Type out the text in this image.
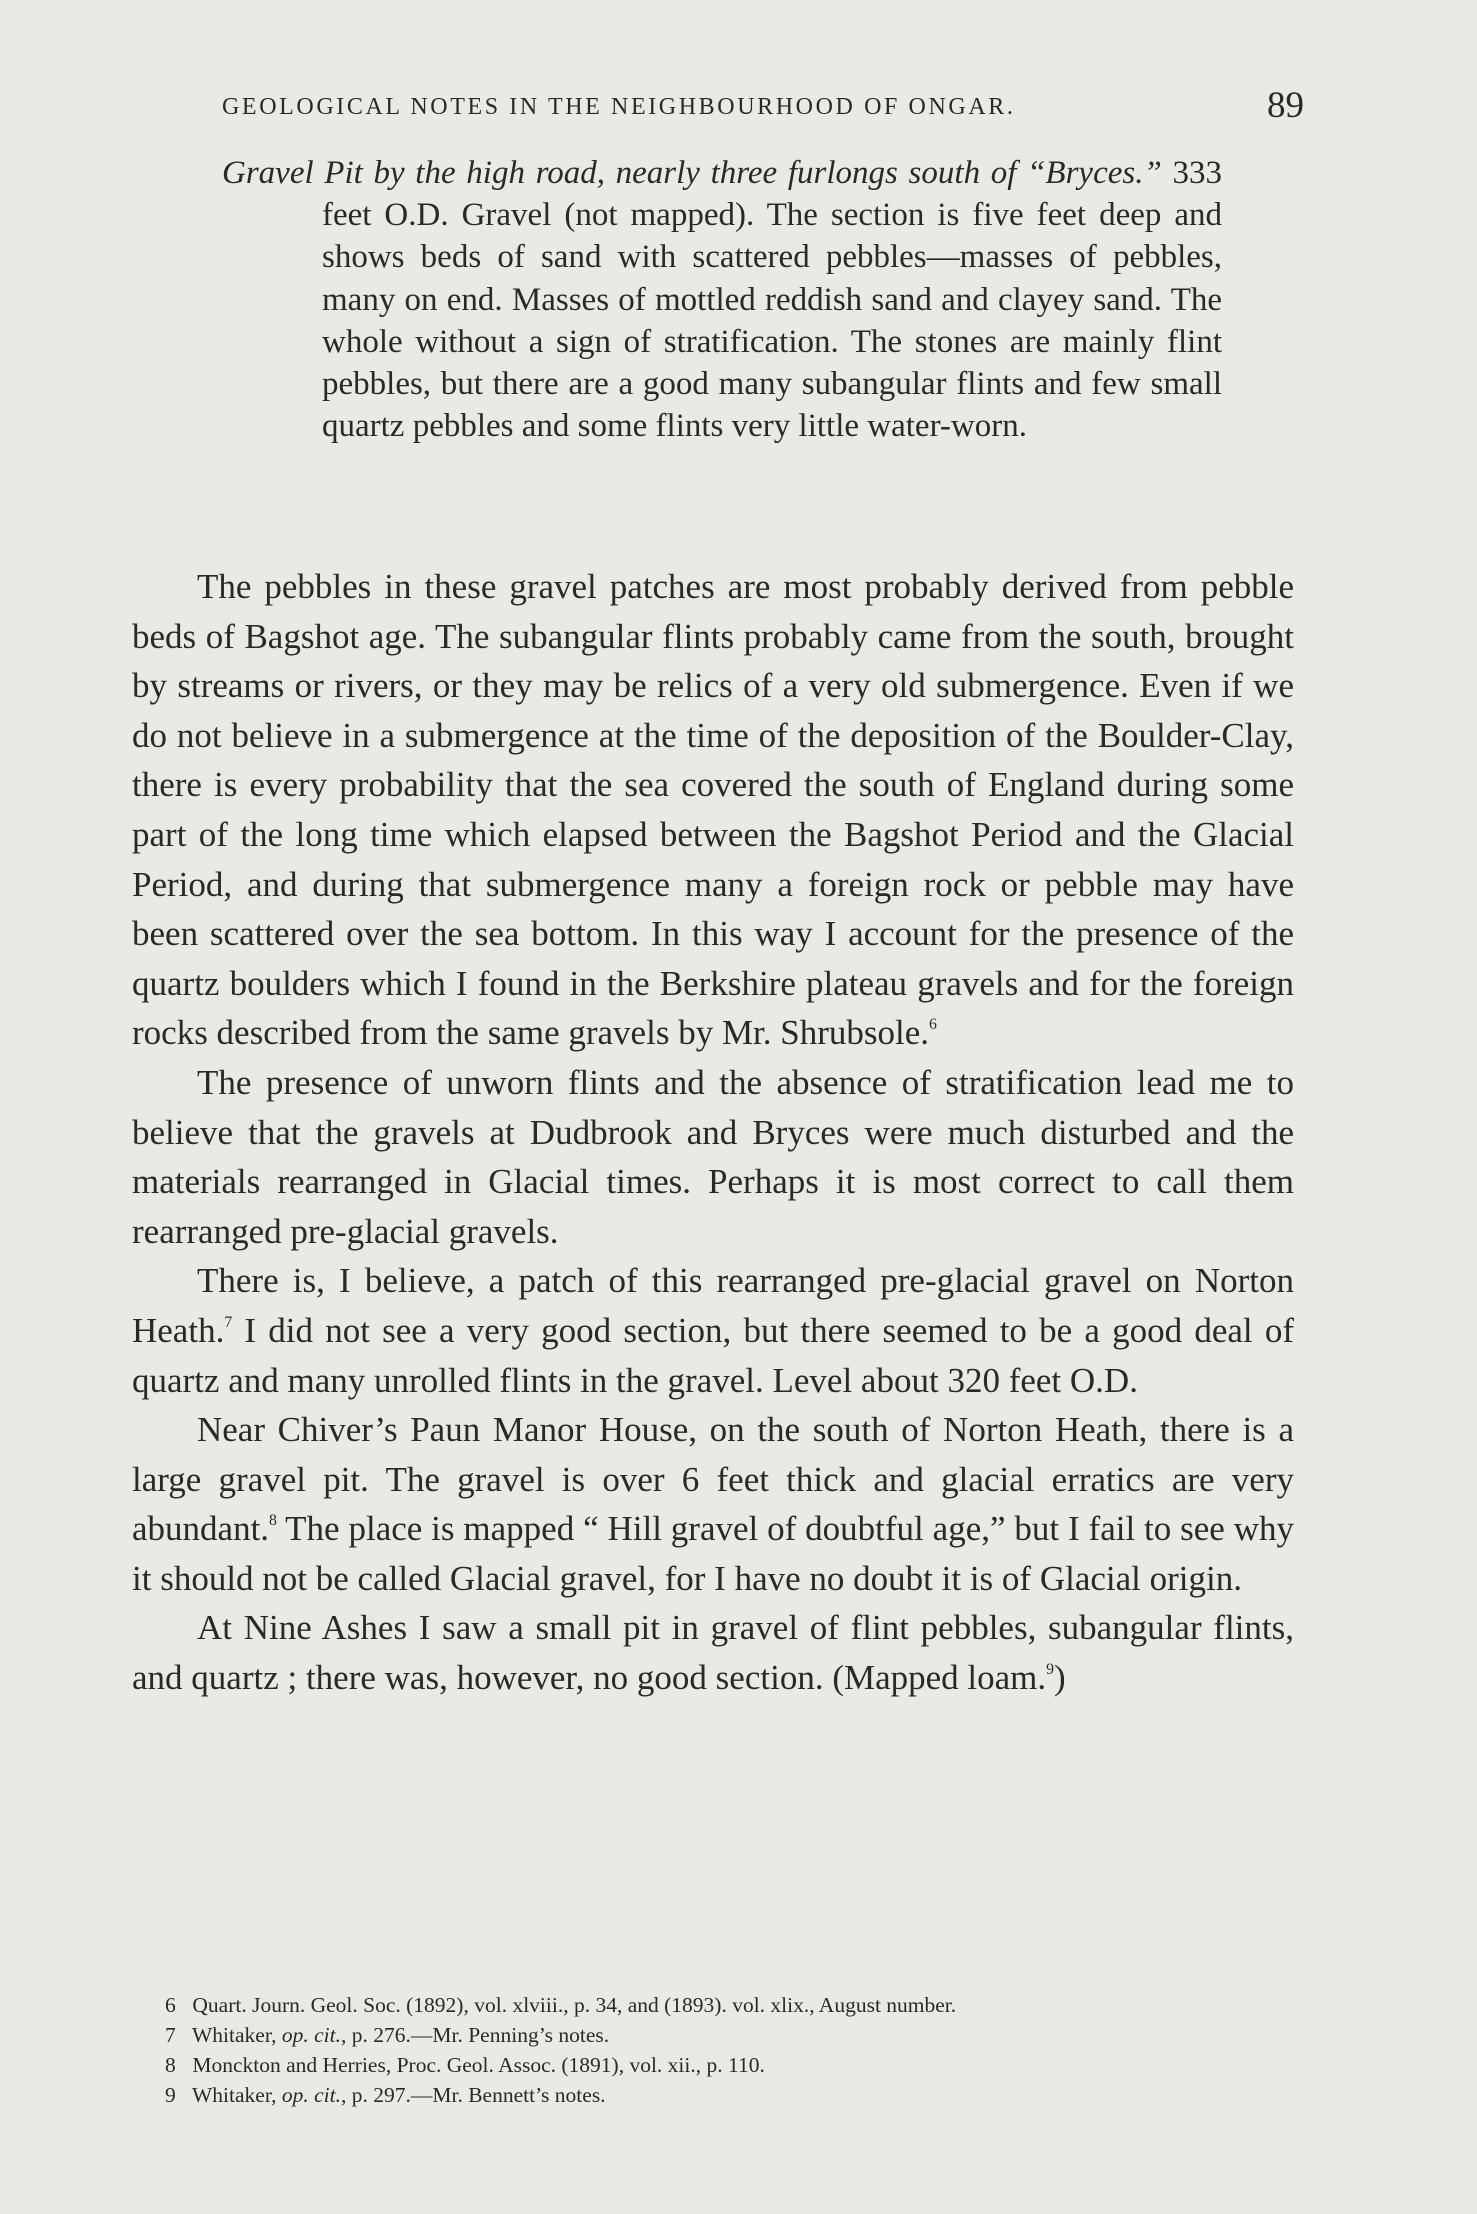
GEOLOGICAL NOTES IN THE NEIGHBOURHOOD OF ONGAR.	89
Gravel Pit by the high road, nearly three furlongs south of “Bryces.” 333 feet O.D. Gravel (not mapped). The section is five feet deep and shows beds of sand with scattered pebbles—masses of pebbles, many on end. Masses of mottled reddish sand and clayey sand. The whole without a sign of stratification. The stones are mainly flint pebbles, but there are a good many subangular flints and few small quartz pebbles and some flints very little water-worn.

The pebbles in these gravel patches are most probably derived from pebble beds of Bagshot age. The subangular flints probably came from the south, brought by streams or rivers, or they may be relics of a very old submergence. Even if we do not believe in a submergence at the time of the deposition of the Boulder-Clay, there is every probability that the sea covered the south of England during some part of the long time which elapsed between the Bagshot Period and the Glacial Period, and during that submergence many a foreign rock or pebble may have been scattered over the sea bottom. In this way I account for the presence of the quartz boulders which I found in the Berkshire plateau gravels and for the foreign rocks described from the same gravels by Mr. Shrubsole.$^6$

The presence of unworn flints and the absence of stratification lead me to believe that the gravels at Dudbrook and Bryces were much disturbed and the materials rearranged in Glacial times. Perhaps it is most correct to call them rearranged pre-glacial gravels.

There is, I believe, a patch of this rearranged pre-glacial gravel on Norton Heath.$^7$ I did not see a very good section, but there seemed to be a good deal of quartz and many unrolled flints in the gravel. Level about 320 feet O.D.

Near Chiver’s Paun Manor House, on the south of Norton Heath, there is a large gravel pit. The gravel is over 6 feet thick and glacial erratics are very abundant.$^8$ The place is mapped “ Hill gravel of doubtful age,” but I fail to see why it should not be called Glacial gravel, for I have no doubt it is of Glacial origin.

At Nine Ashes I saw a small pit in gravel of flint pebbles, subangular flints, and quartz ; there was, however, no good section. (Mapped loam.$^9$)

6 Quart. Journ. Geol. Soc. (1892), vol. xlviii., p. 34, and (1893). vol. xlix., August number.

7 Whitaker, op. cit., p. 276.—Mr. Penning’s notes.

8 Monckton and Herries, Proc. Geol. Assoc. (1891), vol. xii., p. 110.

9 Whitaker, op. cit., p. 297.—Mr. Bennett’s notes.
